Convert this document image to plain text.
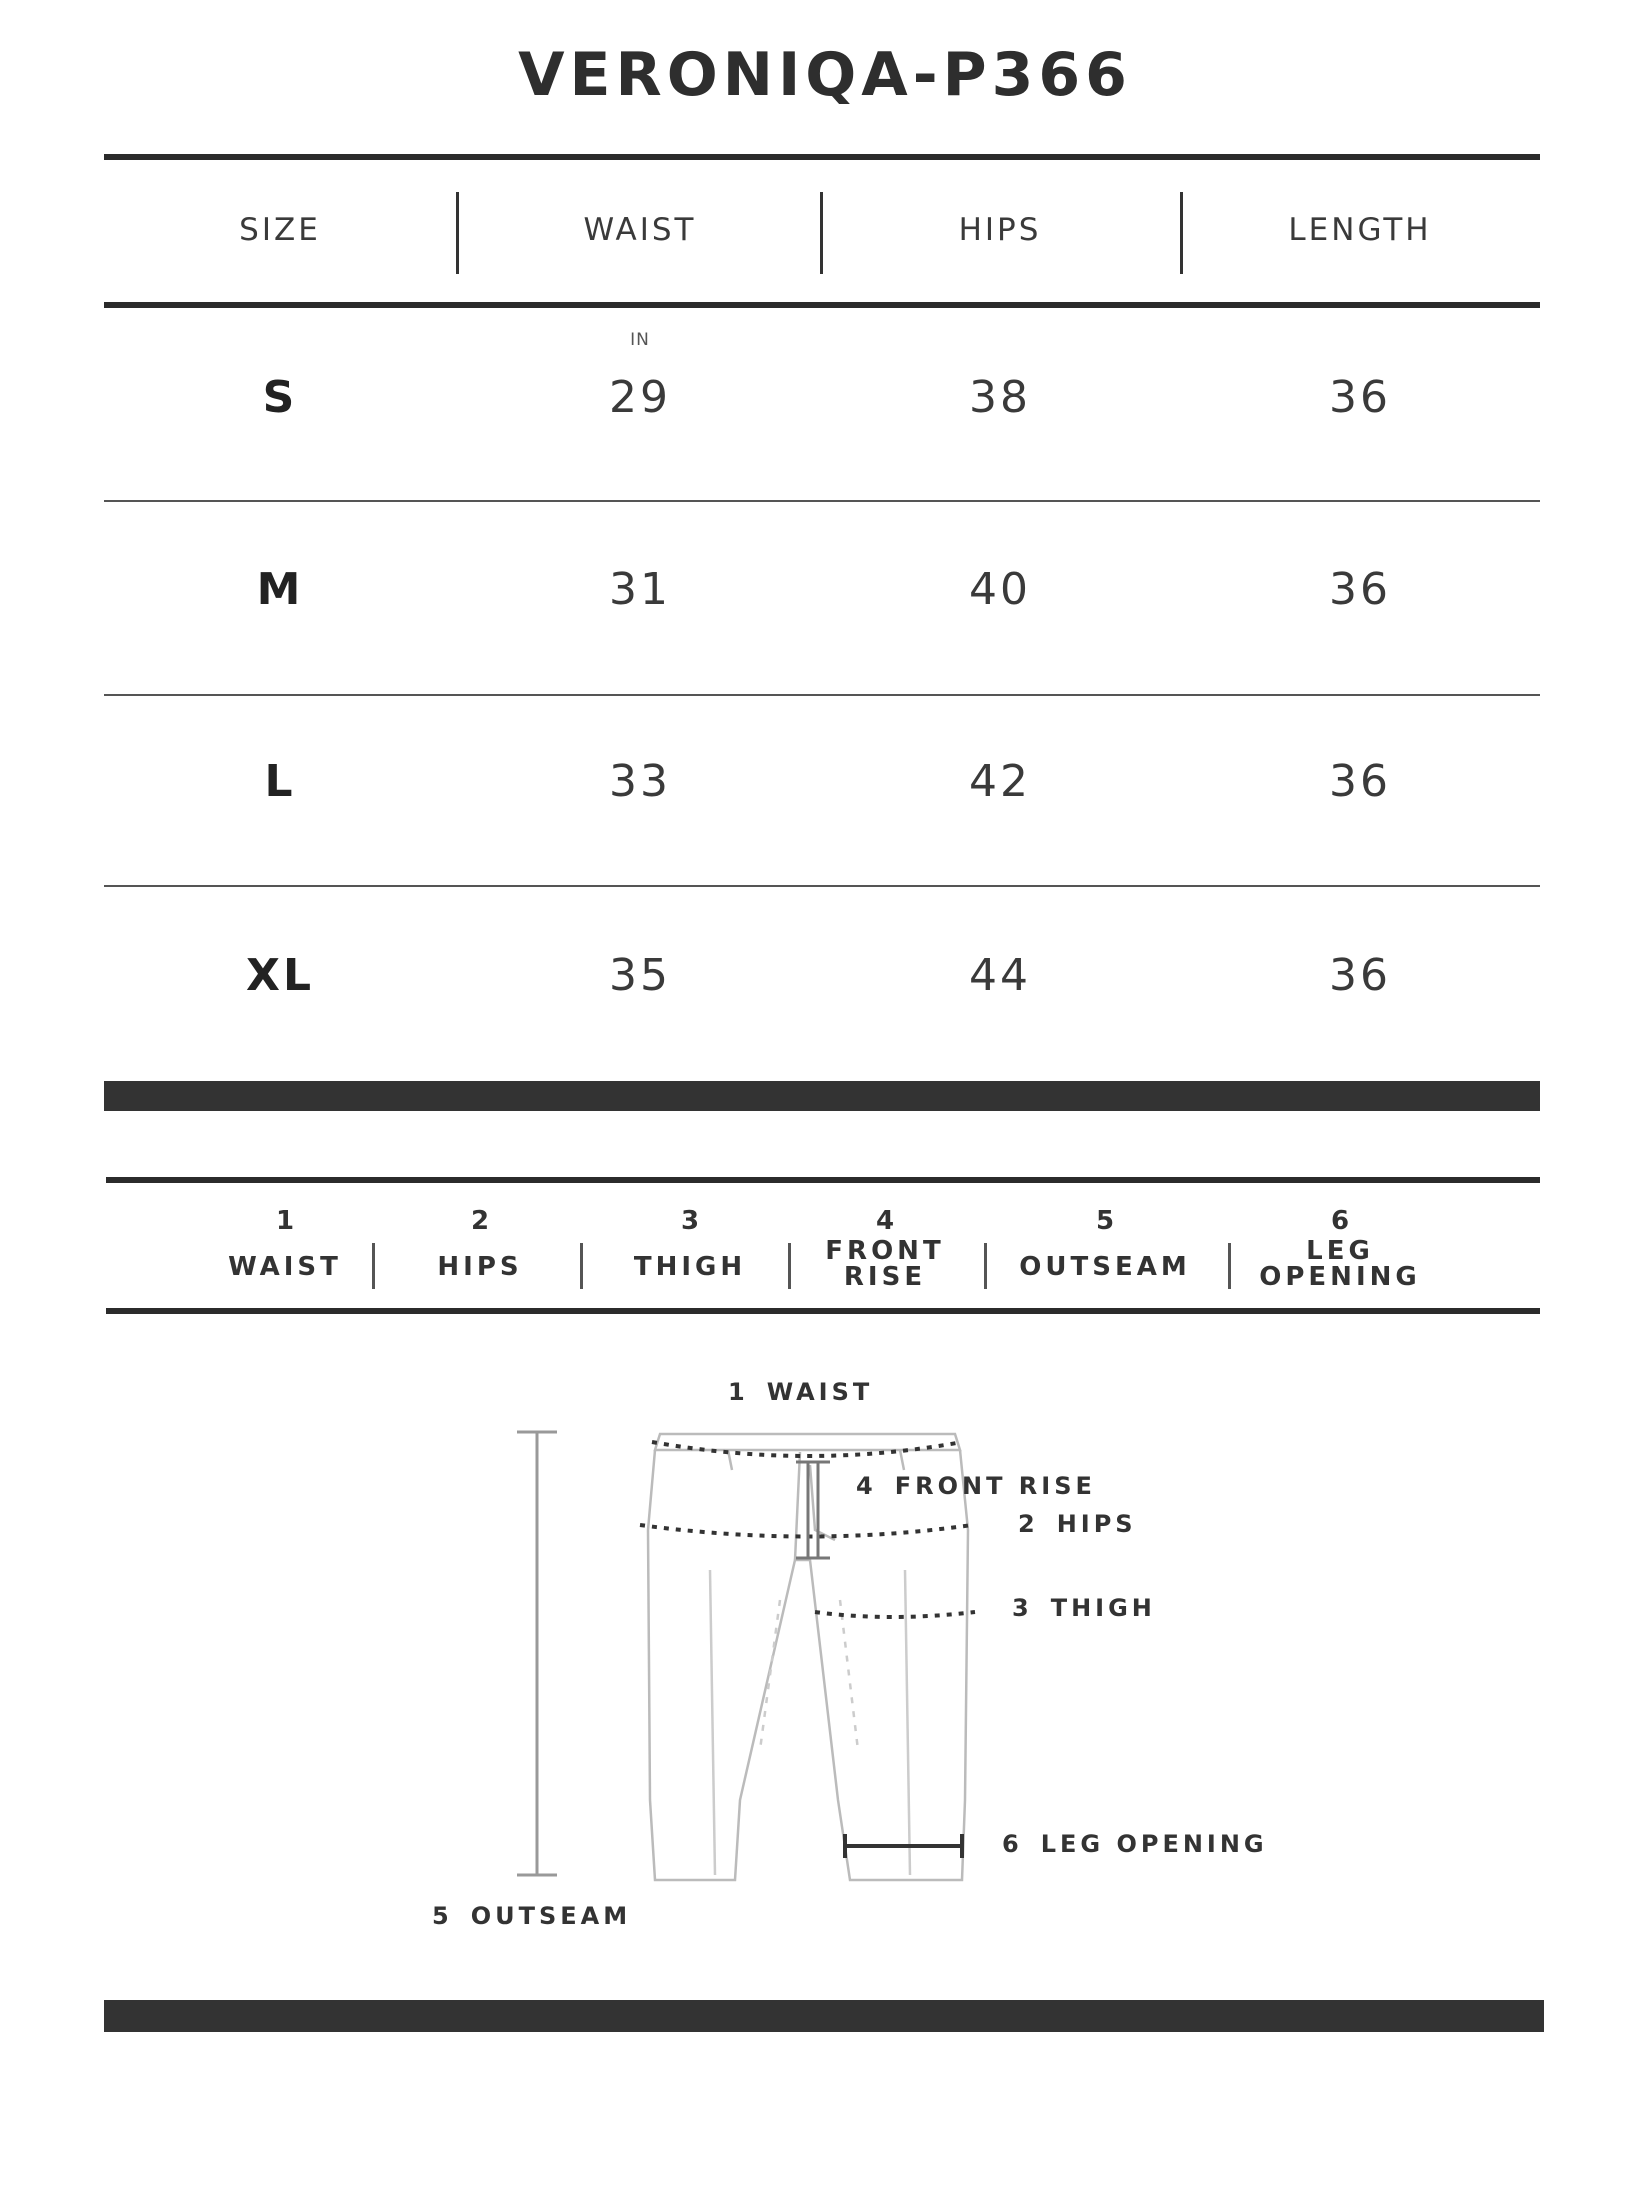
VERONIQA-P366
SIZE	WAIST	HIPS	LENGTH
IN
S	29	38	36
M	31	40	36
L	33	42	36
XL	35	44	36
1
WAIST
2
HIPS
3
THIGH
4
FRONT RISE
5
OUTSEAM
6
LEG OPENING
1 WAIST
4 FRONT RISE
2 HIPS
3 THIGH
6 LEG OPENING
5 OUTSEAM
